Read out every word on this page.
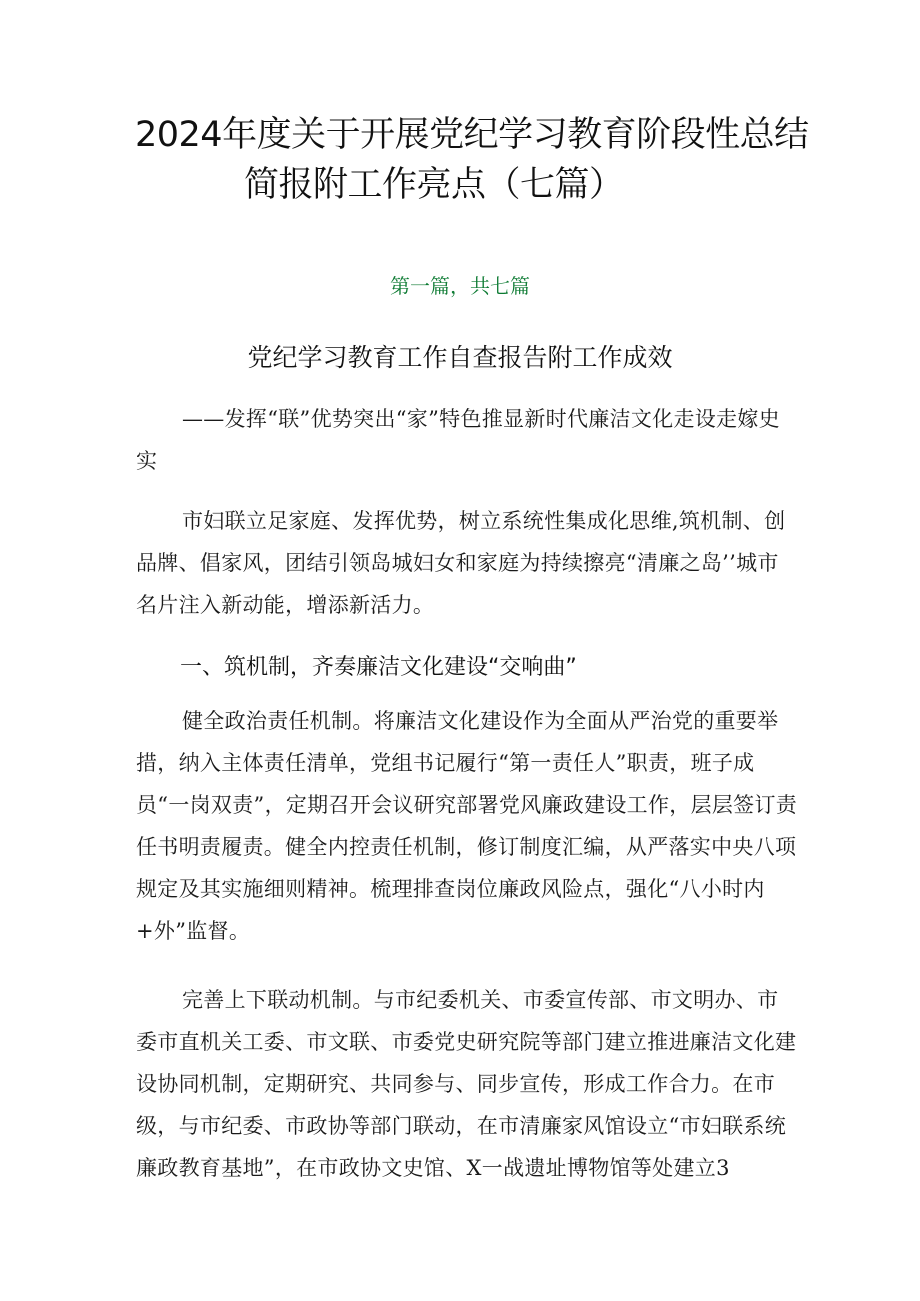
2024年度关于开展党纪学习教育阶段性总结
简报附工作亮点（七篇）
第一篇，共七篇
党纪学习教育工作自查报告附工作成效
——发挥“联”优势突出“家”特色推显新时代廉洁文化走设走嫁史实
市妇联立足家庭、发挥优势，树立系统性集成化思维,筑机制、创品牌、倡家风，团结引领岛城妇女和家庭为持续擦亮“清廉之岛’’城市名片注入新动能，增添新活力。
一、筑机制，齐奏廉洁文化建设“交响曲”
健全政治责任机制。将廉洁文化建设作为全面从严治党的重要举措，纳入主体责任清单，党组书记履行“第一责任人”职责，班子成员“一岗双责”，定期召开会议研究部署党风廉政建设工作，层层签订责任书明责履责。健全内控责任机制，修订制度汇编，从严落实中央八项规定及其实施细则精神。梳理排查岗位廉政风险点，强化“八小时内+外”监督。
完善上下联动机制。与市纪委机关、市委宣传部、市文明办、市委市直机关工委、市文联、市委党史研究院等部门建立推进廉洁文化建设协同机制，定期研究、共同参与、同步宣传，形成工作合力。在市级，与市纪委、市政协等部门联动，在市清廉家风馆设立“市妇联系统廉政教育基地”，在市政协文史馆、X一战遗址博物馆等处建立3
